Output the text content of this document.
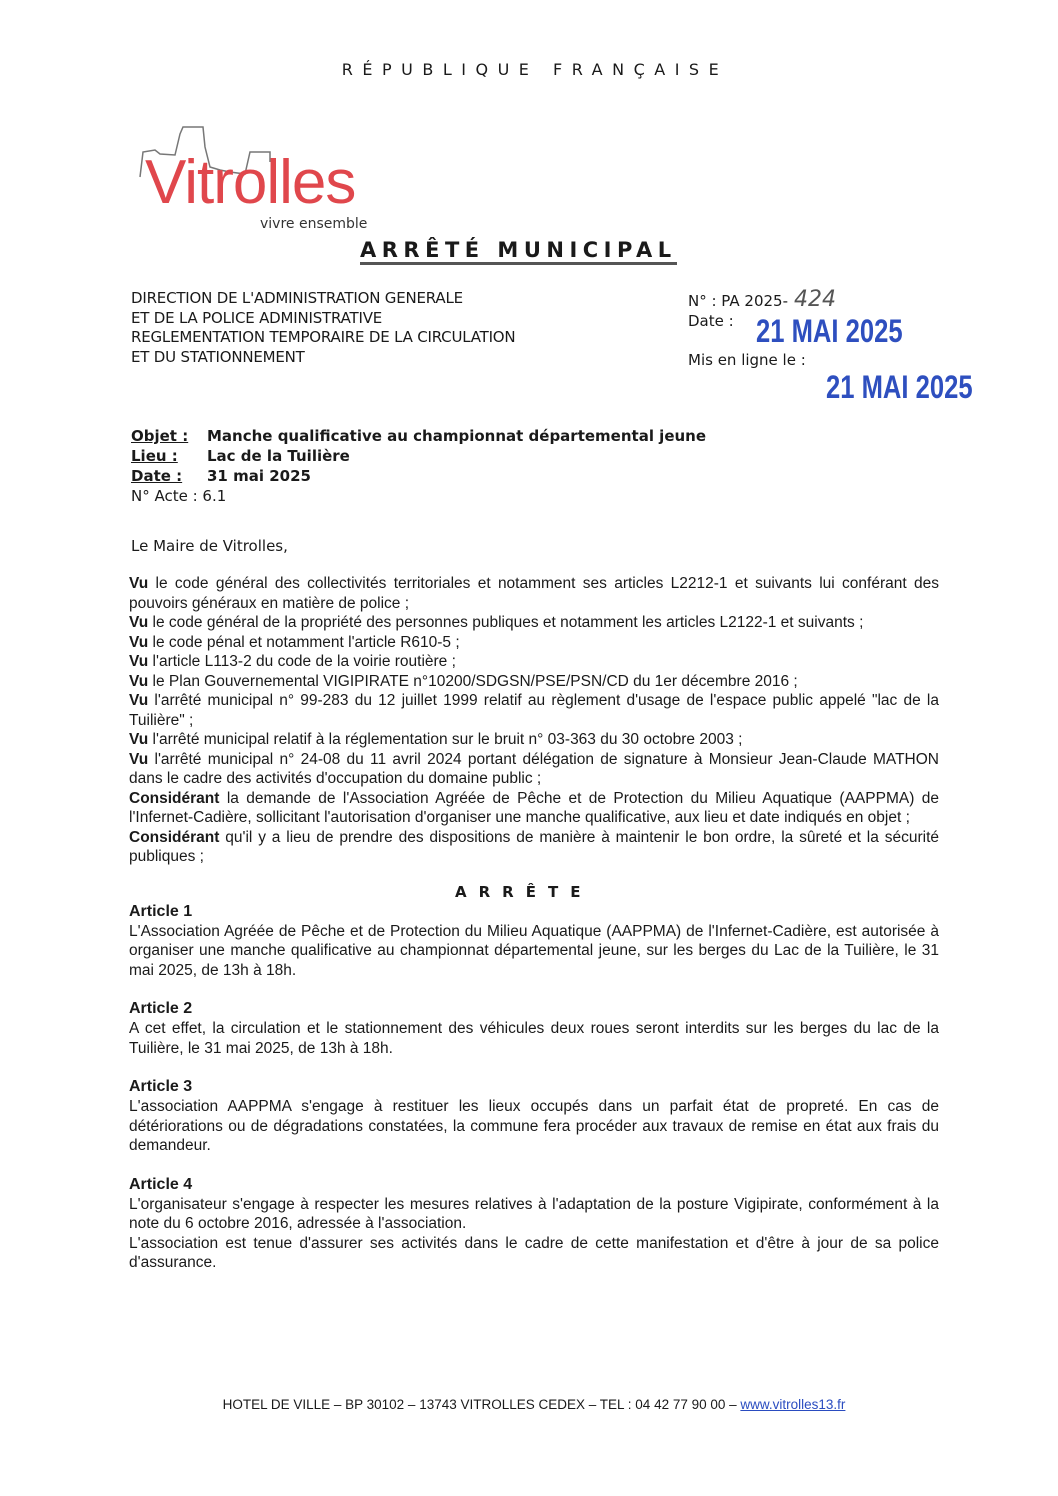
RÉPUBLIQUE FRANÇAISE
Vitrolles
vivre ensemble
ARRÊTÉ MUNICIPAL
DIRECTION DE L'ADMINISTRATION GENERALE
ET DE LA POLICE ADMINISTRATIVE
REGLEMENTATION TEMPORAIRE DE LA CIRCULATION
ET DU STATIONNEMENT
N° : PA 2025- 424
Date :
Mis en ligne le :
21 MAI 2025
21 MAI 2025
Objet : Manche qualificative au championnat départemental jeune
Lieu : Lac de la Tuilière
Date : 31 mai 2025
N° Acte : 6.1
Le Maire de Vitrolles,

Vu le code général des collectivités territoriales et notamment ses articles L2212-1 et suivants lui conférant des pouvoirs généraux en matière de police ;

Vu le code général de la propriété des personnes publiques et notamment les articles L2122-1 et suivants ;

Vu le code pénal et notamment l'article R610-5 ;

Vu l'article L113-2 du code de la voirie routière ;

Vu le Plan Gouvernemental VIGIPIRATE n°10200/SDGSN/PSE/PSN/CD du 1er décembre 2016 ;

Vu l'arrêté municipal n° 99-283 du 12 juillet 1999 relatif au règlement d'usage de l'espace public appelé "lac de la Tuilière" ;

Vu l'arrêté municipal relatif à la réglementation sur le bruit n° 03-363 du 30 octobre 2003 ;

Vu l'arrêté municipal n° 24-08 du 11 avril 2024 portant délégation de signature à Monsieur Jean-Claude MATHON dans le cadre des activités d'occupation du domaine public ;

Considérant la demande de l'Association Agréée de Pêche et de Protection du Milieu Aquatique (AAPPMA) de l'Infernet-Cadière, sollicitant l'autorisation d'organiser une manche qualificative, aux lieu et date indiqués en objet ;

Considérant qu'il y a lieu de prendre des dispositions de manière à maintenir le bon ordre, la sûreté et la sécurité publiques ;

ARRÊTE
Article 1

L'Association Agréée de Pêche et de Protection du Milieu Aquatique (AAPPMA) de l'Infernet-Cadière, est autorisée à organiser une manche qualificative au championnat départemental jeune, sur les berges du Lac de la Tuilière, le 31 mai 2025, de 13h à 18h.

Article 2

A cet effet, la circulation et le stationnement des véhicules deux roues seront interdits sur les berges du lac de la Tuilière, le 31 mai 2025, de 13h à 18h.

Article 3

L'association AAPPMA s'engage à restituer les lieux occupés dans un parfait état de propreté. En cas de détériorations ou de dégradations constatées, la commune fera procéder aux travaux de remise en état aux frais du demandeur.

Article 4

L'organisateur s'engage à respecter les mesures relatives à l'adaptation de la posture Vigipirate, conformément à la note du 6 octobre 2016, adressée à l'association.

L'association est tenue d'assurer ses activités dans le cadre de cette manifestation et d'être à jour de sa police d'assurance.

HOTEL DE VILLE – BP 30102 – 13743 VITROLLES CEDEX – TEL : 04 42 77 90 00 – www.vitrolles13.fr
